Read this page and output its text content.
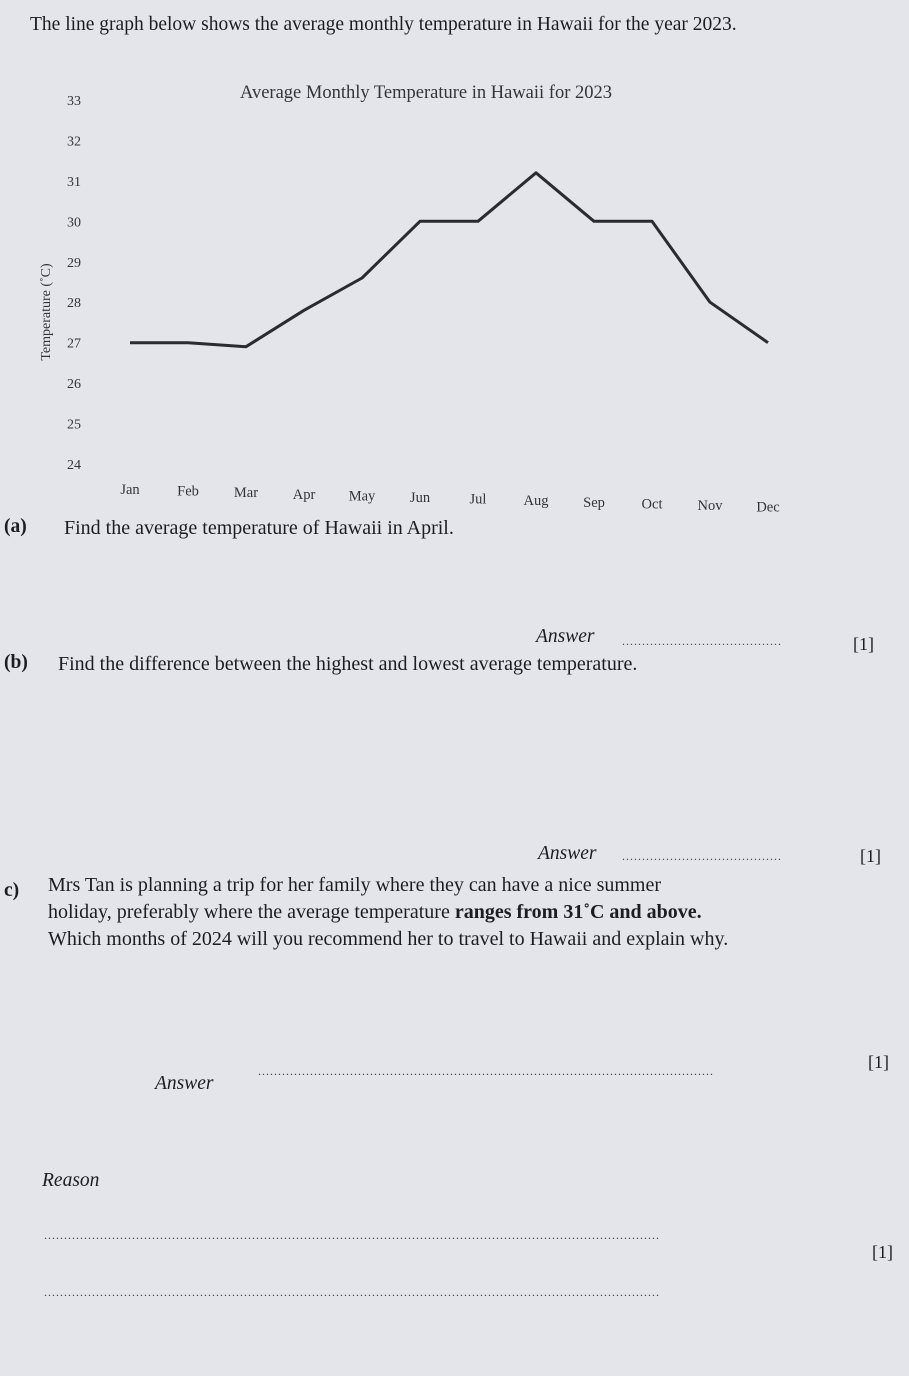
The line graph below shows the average monthly temperature in Hawaii for the year 2023.
Average Monthly Temperature in Hawaii for 2023
Temperature (˚C)
24
25
26
27
28
29
30
31
32
33
Jan	Feb Mar Apr May Jun	Jul	Aug Sep	Oct Nov Dec
(a) Find the average temperature of Hawaii in April.
Answer ........................................	[1]
(b) Find the difference between the highest and lowest average temperature.
Answer ........................................	[1]
c) Mrs Tan is planning a trip for her family where they can have a nice summer
holiday, preferably where the average temperature ranges from 31˚C and above.
Which months of 2024 will you recommend her to travel to Hawaii and explain why.
Answer
..................................................................................................................	[1]
Reason
..........................................................................................................................................................
..........................................................................................................................................................
[1]
